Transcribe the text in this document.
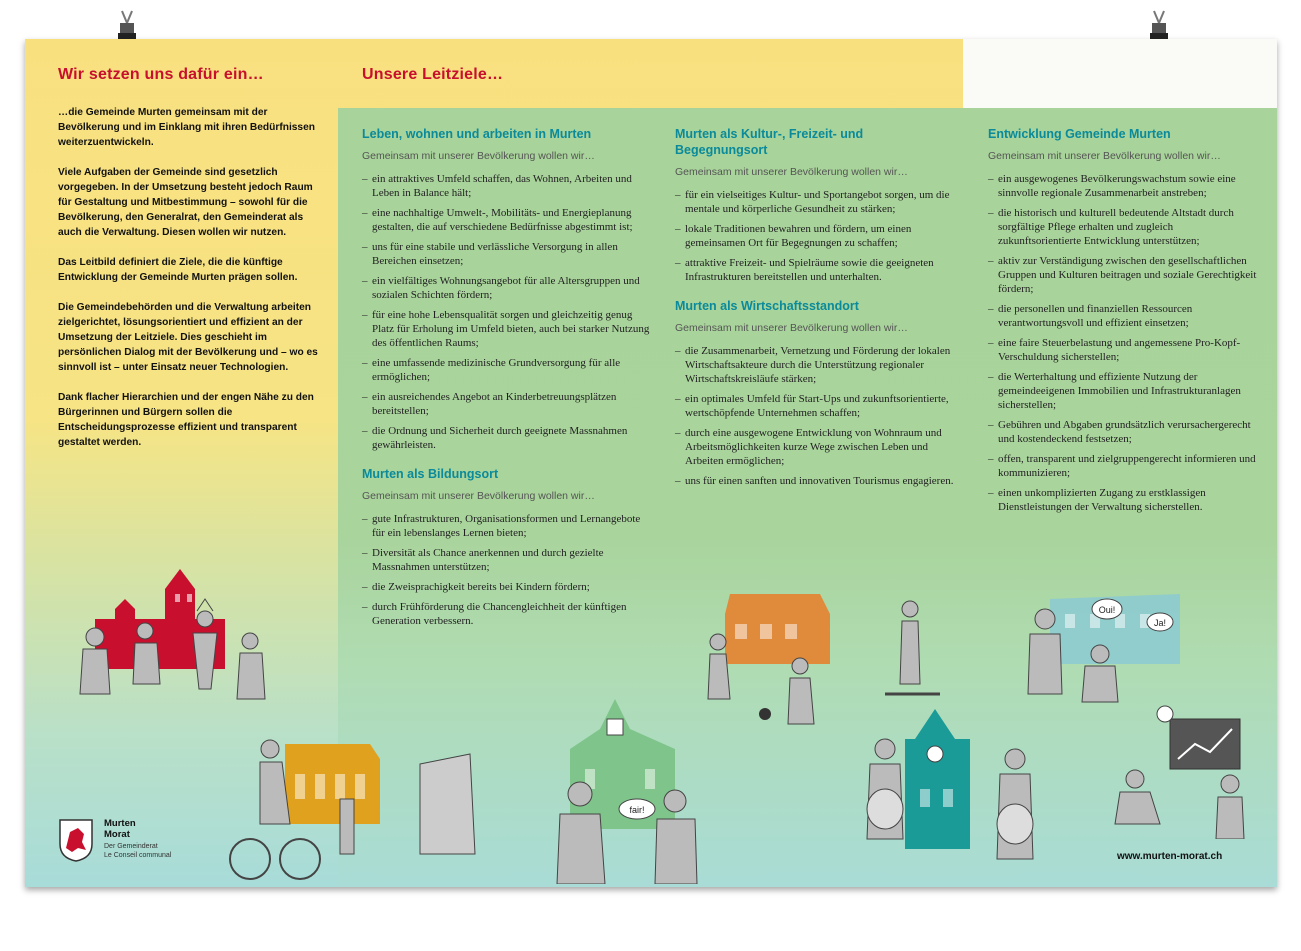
Wir setzen uns dafür ein…	Unsere Leitziele…

…die Gemeinde Murten gemeinsam mit der Bevölkerung und im Einklang mit ihren Bedürfnissen weiterzuentwickeln.

Viele Aufgaben der Gemeinde sind gesetzlich vorgegeben. In der Umsetzung besteht jedoch Raum für Gestaltung und Mitbestimmung – sowohl für die Bevölkerung, den Generalrat, den Gemeinderat als auch die Verwaltung. Diesen wollen wir nutzen.

Das Leitbild definiert die Ziele, die die künftige Entwicklung der Gemeinde Murten prägen sollen.

Die Gemeindebehörden und die Verwaltung arbeiten zielgerichtet, lösungsorientiert und effizient an der Umsetzung der Leitziele. Dies geschieht im persönlichen Dialog mit der Bevölkerung und – wo es sinnvoll ist – unter Einsatz neuer Technologien.

Dank flacher Hierarchien und der engen Nähe zu den Bürgerinnen und Bürgern sollen die Entscheidungsprozesse effizient und transparent gestaltet werden.

Leben, wohnen und arbeiten in Murten
Gemeinsam mit unserer Bevölkerung wollen wir…
– ein attraktives Umfeld schaffen, das Wohnen, Arbeiten und Leben in Balance hält;
– eine nachhaltige Umwelt-, Mobilitäts- und Energieplanung gestalten, die auf verschiedene Bedürfnisse abgestimmt ist;
– uns für eine stabile und verlässliche Versorgung in allen Bereichen einsetzen;
– ein vielfältiges Wohnungsangebot für alle Altersgruppen und sozialen Schichten fördern;
– für eine hohe Lebensqualität sorgen und gleichzeitig genug Platz für Erholung im Umfeld bieten, auch bei starker Nutzung des öffentlichen Raums;
– eine umfassende medizinische Grundversorgung für alle ermöglichen;
– ein ausreichendes Angebot an Kinderbetreuungsplätzen bereitstellen;
– die Ordnung und Sicherheit durch geeignete Massnahmen gewährleisten.
Murten als Bildungsort
Gemeinsam mit unserer Bevölkerung wollen wir…
– gute Infrastrukturen, Organisationsformen und Lernangebote für ein lebenslanges Lernen bieten;
– Diversität als Chance anerkennen und durch gezielte Massnahmen unterstützen;
– die Zweisprachigkeit bereits bei Kindern fördern;
– durch Frühförderung die Chancengleichheit der künftigen Generation verbessern.
Murten als Kultur-, Freizeit- und Begegnungsort
Gemeinsam mit unserer Bevölkerung wollen wir…
– für ein vielseitiges Kultur- und Sportangebot sorgen, um die mentale und körperliche Gesundheit zu stärken;
– lokale Traditionen bewahren und fördern, um einen gemeinsamen Ort für Begegnungen zu schaffen;
– attraktive Freizeit- und Spielräume sowie die geeigneten Infrastrukturen bereitstellen und unterhalten.
Murten als Wirtschaftsstandort
Gemeinsam mit unserer Bevölkerung wollen wir…
– die Zusammenarbeit, Vernetzung und Förderung der lokalen Wirtschaftsakteure durch die Unterstützung regionaler Wirtschaftskreisläufe stärken;
– ein optimales Umfeld für Start-Ups und zukunftsorientierte, wertschöpfende Unternehmen schaffen;
– durch eine ausgewogene Entwicklung von Wohnraum und Arbeitsmöglichkeiten kurze Wege zwischen Leben und Arbeiten ermöglichen;
– uns für einen sanften und innovativen Tourismus engagieren.
Entwicklung Gemeinde Murten
Gemeinsam mit unserer Bevölkerung wollen wir…
– ein ausgewogenes Bevölkerungswachstum sowie eine sinnvolle regionale Zusammenarbeit anstreben;
– die historisch und kulturell bedeutende Altstadt durch sorgfältige Pflege erhalten und zugleich zukunftsorientierte Entwicklung unterstützen;
– aktiv zur Verständigung zwischen den gesellschaftlichen Gruppen und Kulturen beitragen und soziale Gerechtigkeit fördern;
– die personellen und finanziellen Ressourcen verantwortungsvoll und effizient einsetzen;
– eine faire Steuerbelastung und angemessene Pro-Kopf-Verschuldung sicherstellen;
– die Werterhaltung und effiziente Nutzung der gemeindeeigenen Immobilien und Infrastrukturanlagen sicherstellen;
– Gebühren und Abgaben grundsätzlich verursachergerecht und kostendeckend festsetzen;
– offen, transparent und zielgruppengerecht informieren und kommunizieren;
– einen unkomplizierten Zugang zu erstklassigen Dienstleistungen der Verwaltung sicherstellen.
fair!
Oui!
Ja!
Murten
Morat
Der Gemeinderat
Le Conseil communal	www.murten-morat.ch
